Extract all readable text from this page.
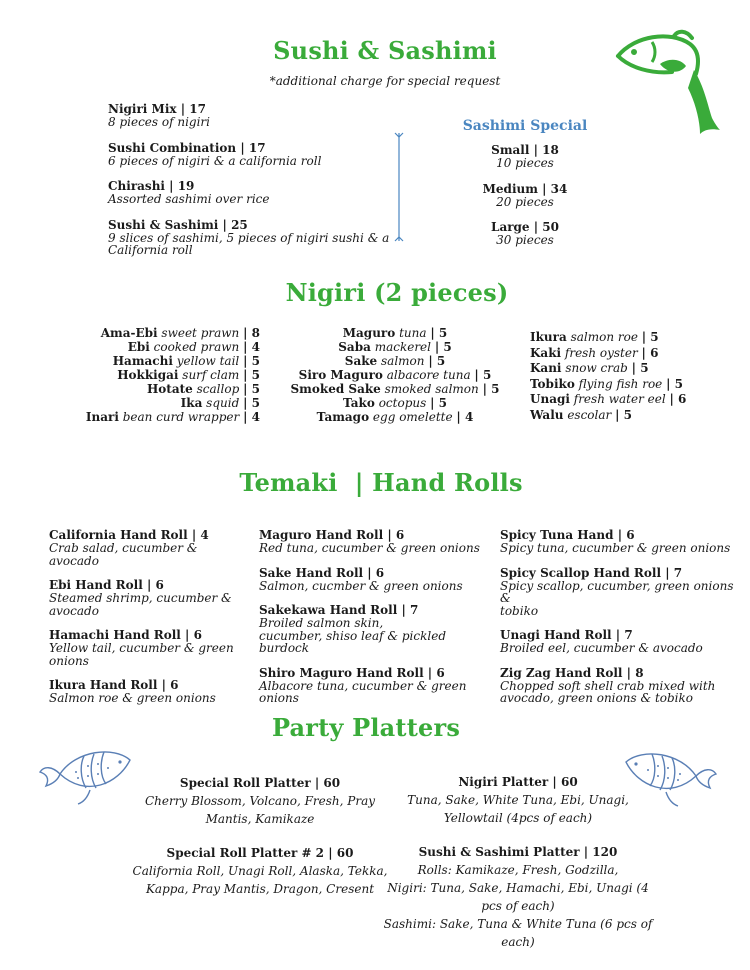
Sushi & Sashimi
*additional charge for special request
Nigiri Mix | 17
8 pieces of nigiri
Sushi Combination | 17
6 pieces of nigiri & a california roll
Chirashi | 19
Assorted sashimi over rice
Sushi & Sashimi | 25
9 slices of sashimi, 5 pieces of nigiri sushi & a
California roll
Sashimi Special
Small | 18
10 pieces
Medium | 34
20 pieces
Large | 50
30 pieces
Nigiri (2 pieces)
Ama-Ebi sweet prawn | 8
Ebi cooked prawn | 4
Hamachi yellow tail | 5
Hokkigai surf clam | 5
Hotate scallop | 5
Ika squid | 5
Inari bean curd wrapper | 4
Maguro tuna | 5
Saba mackerel | 5
Sake salmon | 5
Siro Maguro albacore tuna | 5
Smoked Sake smoked salmon | 5
Tako octopus | 5
Tamago egg omelette | 4
Ikura salmon roe | 5
Kaki fresh oyster | 6
Kani snow crab | 5
Tobiko flying fish roe | 5
Unagi fresh water eel | 6
Walu escolar | 5
Temaki  | Hand Rolls
California Hand Roll | 4
Crab salad, cucumber &
avocado
Ebi Hand Roll | 6
Steamed shrimp, cucumber &
avocado
Hamachi Hand Roll | 6
Yellow tail, cucumber & green
onions
Ikura Hand Roll | 6
Salmon roe & green onions
Maguro Hand Roll | 6
Red tuna, cucumber & green onions
Sake Hand Roll | 6
Salmon, cucmber & green onions
Sakekawa Hand Roll | 7
Broiled salmon skin,
cucumber, shiso leaf & pickled
burdock
Shiro Maguro Hand Roll | 6
Albacore tuna, cucumber & green
onions
Spicy Tuna Hand | 6
Spicy tuna, cucumber & green onions
Spicy Scallop Hand Roll | 7
Spicy scallop, cucumber, green onions &
tobiko
Unagi Hand Roll | 7
Broiled eel, cucumber & avocado
Zig Zag Hand Roll | 8
Chopped soft shell crab mixed with
avocado, green onions & tobiko
Party Platters
Special Roll Platter | 60
Cherry Blossom, Volcano, Fresh, Pray
Mantis, Kamikaze
Special Roll Platter # 2 | 60
California Roll, Unagi Roll, Alaska, Tekka,
Kappa, Pray Mantis, Dragon, Cresent
Nigiri Platter | 60
Tuna, Sake, White Tuna, Ebi, Unagi,
Yellowtail (4pcs of each)
Sushi & Sashimi Platter | 120
Rolls: Kamikaze, Fresh, Godzilla,
Nigiri: Tuna, Sake, Hamachi, Ebi, Unagi (4
pcs of each)
Sashimi: Sake, Tuna & White Tuna (6 pcs of
each)
